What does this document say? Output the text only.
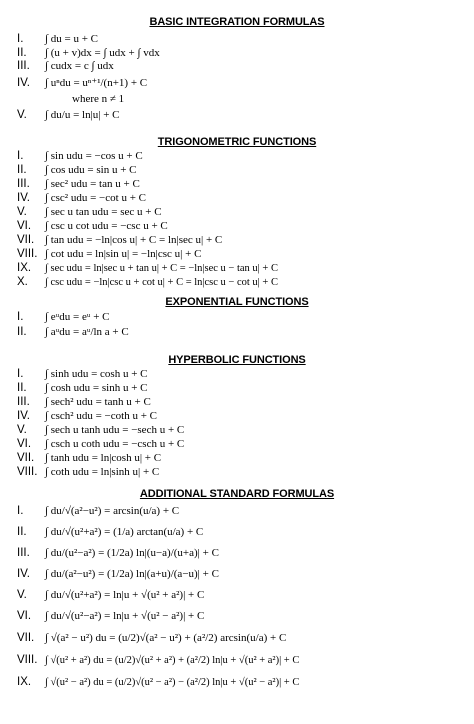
BASIC INTEGRATION FORMULAS
I. ∫ du = u + C
II. ∫ (u + v)dx = ∫ udx + ∫ vdx
III. ∫ cudx = c ∫ udx
IV. ∫ uⁿdu = uⁿ⁺¹/(n+1) + C
where n ≠ 1
V. ∫ du/u = ln|u| + C
TRIGONOMETRIC FUNCTIONS
I. ∫ sin udu = −cos u + C
II. ∫ cos udu = sin u + C
III. ∫ sec² udu = tan u + C
IV. ∫ csc² udu = −cot u + C
V. ∫ sec u tan udu = sec u + C
VI. ∫ csc u cot udu = −csc u + C
VII. ∫ tan udu = −ln|cos u| + C = ln|sec u| + C
VIII. ∫ cot udu = ln|sin u| = −ln|csc u| + C
IX. ∫ sec udu = ln|sec u + tan u| + C = −ln|sec u − tan u| + C
X. ∫ csc udu = −ln|csc u + cot u| + C = ln|csc u − cot u| + C
EXPONENTIAL FUNCTIONS
I. ∫ eᵘdu = eᵘ + C
II. ∫ aᵘdu = aᵘ/ln a + C
HYPERBOLIC FUNCTIONS
I. ∫ sinh udu = cosh u + C
II. ∫ cosh udu = sinh u + C
III. ∫ sech² udu = tanh u + C
IV. ∫ csch² udu = −coth u + C
V. ∫ sech u tanh udu = −sech u + C
VI. ∫ csch u coth udu = −csch u + C
VII. ∫ tanh udu = ln|cosh u| + C
VIII. ∫ coth udu = ln|sinh u| + C
ADDITIONAL STANDARD FORMULAS
I. ∫ du/√(a²−u²) = arcsin(u/a) + C
II. ∫ du/√(u²+a²) = (1/a) arctan(u/a) + C
III. ∫ du/(u²−a²) = (1/2a) ln|(u−a)/(u+a)| + C
IV. ∫ du/(a²−u²) = (1/2a) ln|(a+u)/(a−u)| + C
V. ∫ du/√(u²+a²) = ln|u + √(u² + a²)| + C
VI. ∫ du/√(u²−a²) = ln|u + √(u² − a²)| + C
VII. ∫ √(a² − u²) du = (u/2)√(a² − u²) + (a²/2) arcsin(u/a) + C
VIII. ∫ √(u² + a²) du = (u/2)√(u² + a²) + (a²/2) ln|u + √(u² + a²)| + C
IX. ∫ √(u² − a²) du = (u/2)√(u² − a²) − (a²/2) ln|u + √(u² − a²)| + C
